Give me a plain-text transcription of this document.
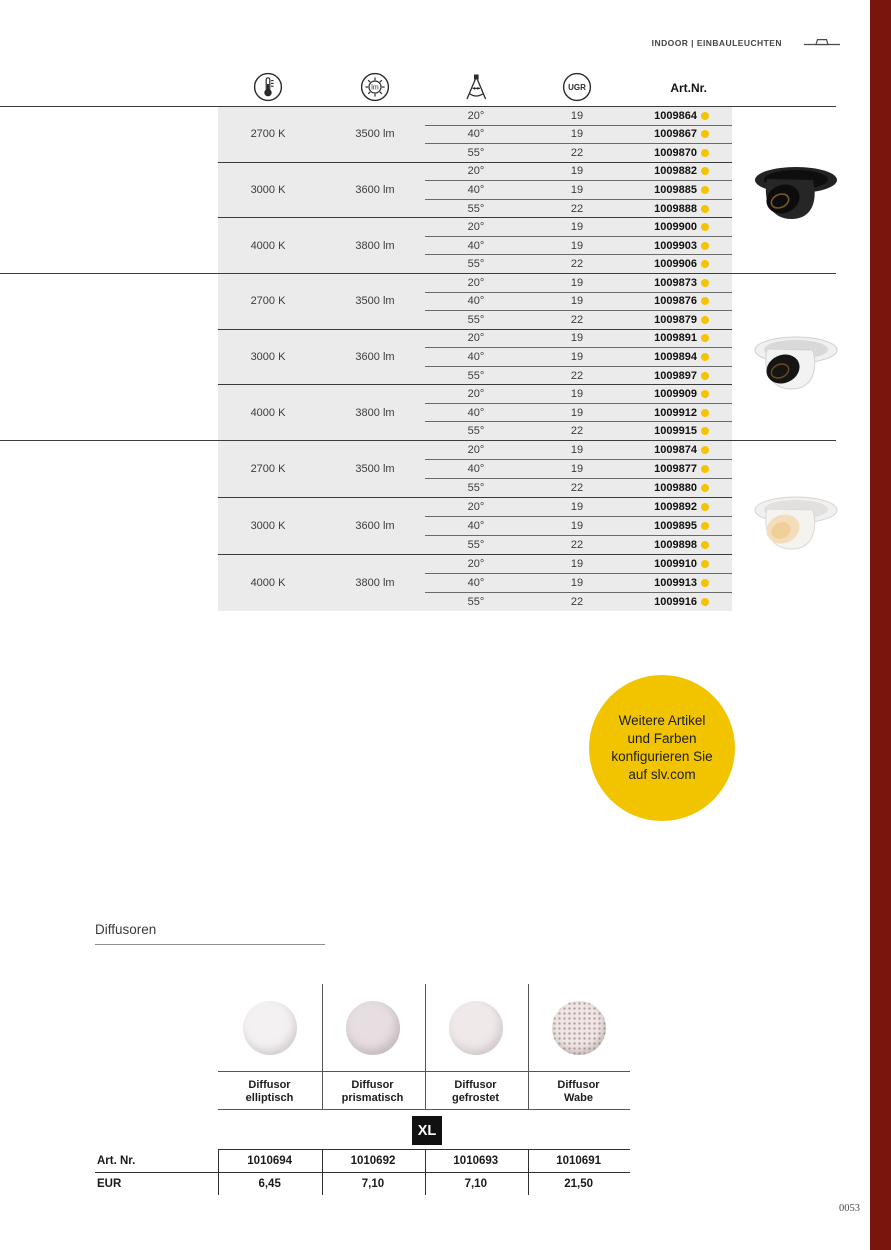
INDOOR | EINBAULEUCHTEN
lm	UGR	Art.Nr.
2700 K	3500 lm
20°	19	1009864
40°	19	1009867
55°	22	1009870
3000 K	3600 lm
20°	19	1009882
40°	19	1009885
55°	22	1009888
4000 K	3800 lm
20°	19	1009900
40°	19	1009903
55°	22	1009906
2700 K	3500 lm
20°	19	1009873
40°	19	1009876
55°	22	1009879
3000 K	3600 lm
20°	19	1009891
40°	19	1009894
55°	22	1009897
4000 K	3800 lm
20°	19	1009909
40°	19	1009912
55°	22	1009915
2700 K	3500 lm
20°	19	1009874
40°	19	1009877
55°	22	1009880
3000 K	3600 lm
20°	19	1009892
40°	19	1009895
55°	22	1009898
4000 K	3800 lm
20°	19	1009910
40°	19	1009913
55°	22	1009916
Weitere Artikel
und Farben
konfigurieren Sie
auf slv.com
Diffusoren
Diffusor
elliptisch
Diffusor
prismatisch
Diffusor
gefrostet
Diffusor
Wabe
XL
Art. Nr.	1010694	1010692	1010693	1010691
EUR	6,45	7,10	7,10	21,50
0053
